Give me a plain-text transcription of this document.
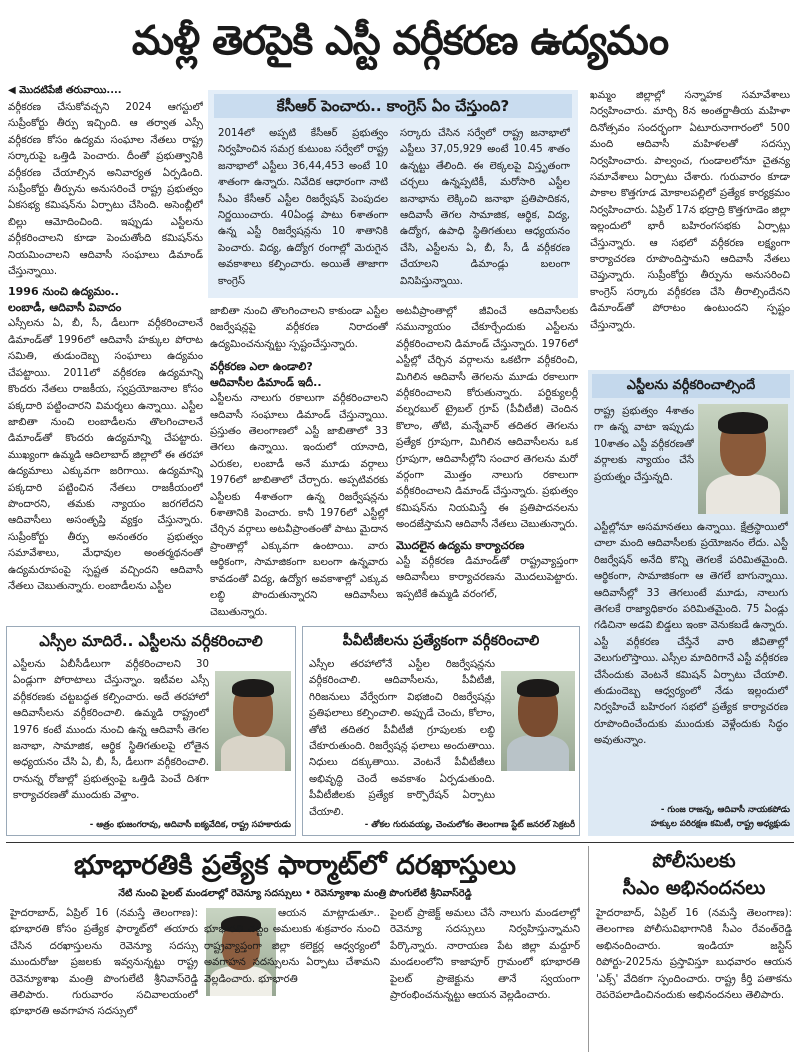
మళ్లీ తెరపైకి ఎస్టీ వర్గీకరణ ఉద్యమం
◀ మొదటిపేజీ తరువాయి....
వర్గీకరణ చేసుకోవచ్చని 2024 ఆగస్టులో సుప్రీంకోర్టు తీర్పు ఇచ్చింది. ఆ తర్వాత ఎస్సీ వర్గీకరణ కోసం ఉద్యమ సంఘాల నేతలు రాష్ట్ర సర్కారుపై ఒత్తిడి పెంచారు. దీంతో ప్రభుత్వానికి వర్గీకరణ చేయాల్సిన అనివార్యత ఏర్పడింది. సుప్రీంకోర్టు తీర్పును అనుసరించే రాష్ట్ర ప్రభుత్వం ఏకసభ్య కమిషన్‌ను ఏర్పాటు చేసింది. అసెంబ్లీలో బిల్లు ఆమోదించింది. ఇప్పుడు ఎస్టీలను వర్గీకరించాలని కూడా పెంచుతోంది కమిషన్‌ను నియమించాలని ఆదివాసీ సంఘాలు డిమాండ్ చేస్తున్నాయి.
1996 నుంచి ఉద్యమం..
లంబాడీ, ఆదివాసీ వివాదం
ఎస్సీలను ఏ, బీ, సీ, డీలుగా వర్గీకరించాలనే డిమాండ్‌తో 1996లో ఆదివాసీ హక్కుల పోరాట సమితి, తుడుందెబ్బ సంఘాలు ఉద్యమం చేపట్టాయి. 2011లో వర్గీకరణ ఉద్యమాన్ని కొందరు నేతలు రాజకీయ, స్వప్రయోజనాల కోసం పక్కదారి పట్టించారని విమర్శలు ఉన్నాయి. ఎస్టీల జాబితా నుంచి లంబాడీలను తొలగించాలనే డిమాండ్‌తో కొందరు ఉద్యమాన్ని చేపట్టారు. ముఖ్యంగా ఉమ్మడి ఆదిలాబాద్ జిల్లాలో ఈ తరహా ఉద్యమాలు ఎక్కువగా జరిగాయి. ఉద్యమాన్ని పక్కదారి పట్టించిన నేతలు రాజకీయంలో పొందారని, తమకు న్యాయం జరగలేదని ఆదివాసీలు అసంతృప్తి వ్యక్తం చేస్తున్నారు. సుప్రీంకోర్టు తీర్పు అనంతరం ప్రభుత్వం సమావేశాలు, మేధావుల అంతర్మథనంతో ఉద్యమరూపంపై స్పష్టత వచ్చిందని ఆదివాసీ నేతలు చెబుతున్నారు. లంబాడీలను ఎస్టీల
కేసీఆర్ పెంచారు.. కాంగ్రెస్ ఏం చేస్తుంది?
2014లో అప్పటి కేసీఆర్ ప్రభుత్వం నిర్వహించిన సమగ్ర కుటుంబ సర్వేలో రాష్ట్ర జనాభాలో ఎస్టీలు 36,44,453 అంటే 10 శాతంగా ఉన్నారు. నివేదిక ఆధారంగా నాటి సీఎం కేసీఆర్ ఎస్టీల రిజర్వేషన్ పెంపుదల నిర్ణయించారు. 40ఏండ్ల పాటు 6శాతంగా ఉన్న ఎస్టీ రిజర్వేషన్లను 10 శాతానికి పెంచారు. విద్య, ఉద్యోగ రంగాల్లో మెరుగైన అవకాశాలు కల్పించారు. అయితే తాజాగా కాంగ్రెస్
సర్కారు చేసిన సర్వేలో రాష్ట్ర జనాభాలో ఎస్టీలు 37,05,929 అంటే 10.45 శాతం ఉన్నట్టు తేలింది. ఈ లెక్కలపై విస్తృతంగా చర్చలు ఉన్నప్పటికీ, మరోసారి ఎస్టీల జనాభాను లెక్కించి జనాభా ప్రతిపాదికన, ఆదివాసీ తెగల సామాజిక, ఆర్థిక, విద్య, ఉద్యోగ, ఉపాధి స్థితిగతులు ఆధ్యయనం చేసి, ఎస్టీలను ఏ, బీ, సీ, డీ వర్గీకరణ చేయాలని డిమాండ్లు బలంగా వినిపిస్తున్నాయి.
జాబితా నుంచి తొలగించాలని కాకుండా ఎస్టీల రిజర్వేషన్లపై వర్గీకరణ నిరాదంతో ఉద్యమించనున్నట్టు స్పష్టంచేస్తున్నారు.
వర్గీకరణ ఎలా ఉండాలి?
ఆదివాసీల డిమాండ్ ఇదీ..
ఎస్టీలను నాలుగు రకాలుగా వర్గీకరించాలని ఆదివాసీ సంఘాలు డిమాండ్ చేస్తున్నాయి. ప్రస్తుతం తెలంగాణలో ఎస్టీ జాబితాలో 33 తెగలు ఉన్నాయి. ఇందులో యానాది, ఎరుకల, లంబాడీ అనే మూడు వర్గాలు 1976లో జాబితాలో చేర్చారు. అప్పటివరకు ఎస్టీలకు 4శాతంగా ఉన్న రిజర్వేషన్లను 6శాతానికి పెంచారు. కానీ 1976లో ఎస్టీల్లో చేర్చిన వర్గాలు అటవీప్రాంతంతో పాటు మైదాన ప్రాంతాల్లో ఎక్కువగా ఉంటాయి. వారు ఆర్థికంగా, సామాజికంగా బలంగా ఉన్నవారు కావడంతో విద్య, ఉద్యోగ అవకాశాల్లో ఎక్కువ లబ్ధి పొందుతున్నారని ఆదివాసీలు చెబుతున్నారు.
అటవీప్రాంతాల్లో జీవించే ఆదివాసీలకు సమున్యాయం చేకూర్చేందుకు ఎస్టీలను వర్గీకరించాలని డిమాండ్ చేస్తున్నారు. 1976లో ఎస్టీల్లో చేర్చిన వర్గాలను ఒకటిగా వర్గీకరించి, మిగిలిన ఆదివాసీ తెగలను మూడు రకాలుగా వర్గీకరించాలని కోరుతున్నారు. పర్టిక్యులర్లీ వల్నరబుల్ ట్రైబల్ గ్రూప్ (పీవీటీజీ) చెందిన కొలాం, తోటి, మన్నేవార్ తదితర తెగలను ప్రత్యేక గ్రూపుగా, మిగిలిన ఆదివాసీలను ఒక గ్రూపుగా, ఆదివాసీల్లోని సంచార తెగలను మరో వర్గంగా మొత్తం నాలుగు రకాలుగా వర్గీకరించాలని డిమాండ్ చేస్తున్నారు. ప్రభుత్వం కమిషన్‌ను నియమిస్తే ఈ ప్రతిపాదనలను అందజేస్తామని ఆదివాసీ నేతలు చెబుతున్నారు.
మొదలైన ఉద్యమ కార్యాచరణ
ఎస్టీ వర్గీకరణ డిమాండ్‌తో రాష్ట్రవ్యాప్తంగా ఆదివాసీలు కార్యాచరణను మొదలుపెట్టారు. ఇప్పటికే ఉమ్మడి వరంగల్,
ఖమ్మం జిల్లాల్లో సన్నాహక సమావేశాలు నిర్వహించారు. మార్చి 8న అంతర్జాతీయ మహిళా దినోత్సవం సందర్భంగా ఏటూరునాగారంలో 500 మంది ఆదివాసీ మహిళలతో సదస్సు నిర్వహించారు. పాల్వంచ, గుండాలలోనూ చైతన్య సమావేశాలు ఏర్పాటు చేశారు. గురువారం కూడా పాకాల కొత్తగూడ మోకాలపల్లిలో ప్రత్యేక కార్యక్రమం నిర్వహించారు. ఏప్రిల్ 17న భద్రాద్రి కొత్తగూడెం జిల్లా ఇల్లందులో భారీ బహిరంగసభకు ఏర్పాట్లు చేస్తున్నారు. ఆ సభలో వర్గీకరణ లక్ష్యంగా కార్యాచరణ రూపొందిస్తామని ఆదివాసీ నేతలు చెప్తున్నారు. సుప్రీంకోర్టు తీర్పును అనుసరించి కాంగ్రెస్ సర్కారు వర్గీకరణ చేసి తీరాల్సిందేనని డిమాండ్‌తో పోరాటం ఉంటుందని స్పష్టం చేస్తున్నారు.
ఎస్టీలను వర్గీకరించాల్సిందే
రాష్ట్ర ప్రభుత్వం 4శాతం గా ఉన్న వాటా ఇప్పుడు 10శాతం ఎస్టీ వర్గీకరణతో వర్గాలకు న్యాయం చేసే ప్రయత్నం చేస్తున్నది.
ఎస్టీల్లోనూ అసమానతలు ఉన్నాయి. క్షేత్రస్థాయిలో చాలా మంది ఆదివాసీలకు ప్రయోజనం లేదు. ఎస్టీ రిజర్వేషన్ అనేది కొన్ని తెగలకే పరిమితమైంది. ఆర్థికంగా, సామాజికంగా ఆ తెగలే బాగున్నాయి. ఆదివాసీల్లో 33 తెగలుంటే మూడు, నాలుగు తెగలకే రాజ్యాధికారం పరిమితమైంది. 75 ఏండ్లు గడిచినా అడవి బిడ్డలు ఇంకా వెనుకబడే ఉన్నారు. ఎస్టీ వర్గీకరణ చేస్తేనే వారి జీవితాల్లో వెలుగులొస్తాయి. ఎస్సీల మాదిరిగానే ఎస్టీ వర్గీకరణ చేసేందుకు వెంటనే కమిషన్ ఏర్పాటు చేయాలి. తుడుందెబ్బ ఆధ్వర్యంలో నేడు ఇల్లందులో నిర్వహించే బహిరంగ సభలో ప్రత్యేక కార్యాచరణ రూపొందించేందుకు ముందుకు వెళ్లేందుకు సిద్ధం అవుతున్నాం.
- గుంజ రాజన్న, ఆదివాసీ నాయకపోడు
హక్కుల పరిరక్షణ కమిటీ, రాష్ట్ర అధ్యక్షుడు
ఎస్సీల మాదిరే.. ఎస్టీలను వర్గీకరించాలి
ఎస్టీలను ఏబీసీడీలుగా వర్గీకరించాలని 30 ఏండ్లుగా పోరాటాలు చేస్తున్నాం. ఇటీవల ఎస్సీ వర్గీకరణకు చట్టబద్ధత కల్పించారు. అదే తరహాలో ఆదివాసీలను వర్గీకరించాలి. ఉమ్మడి రాష్ట్రంలో 1976 కంటే ముందు నుంచి ఉన్న ఆదివాసీ తెగల జనాభా, సామాజిక, ఆర్థిక స్థితిగతులపై లోతైన అధ్యయనం చేసి ఏ, బీ, సీ, డీలుగా వర్గీకరించాలి. రానున్న రోజుల్లో ప్రభుత్వంపై ఒత్తిడి పెంచే దిశగా కార్యాచరణతో ముందుకు వెళ్తాం.
- ఆత్రం భుజంగరావు, ఆదివాసీ ఐక్యవేదిక, రాష్ట్ర సహకారుడు
పీవీటీజీలను ప్రత్యేకంగా వర్గీకరించాలి
ఎస్సీల తరహాలోనే ఎస్టీల రిజర్వేషన్లను వర్గీకరించాలి. ఆదివాసీలను, పీవీటీజీ, గిరిజనులు వేర్వేరుగా విభజించి రిజర్వేషన్లు ప్రతిఫలాలు కల్పించాలి. అప్పుడే చెంచు, కోలాం, తోటి తదితర పీవీటీజీ గ్రూపులకు లబ్ధి చేకూరుతుంది. రిజర్వేషన్ల ఫలాలు అందుతాయి. నిధులు దక్కుతాయి. వెంటనే పీవీటీజీలు అభివృద్ధి చెందే అవకాశం ఏర్పడుతుంది. పీవీటీజీలకు ప్రత్యేక కార్పొరేషన్ ఏర్పాటు చేయాలి.
- తోకల గురువయ్య, చెంచులోకం తెలంగాణ స్టేట్ జనరల్ సెక్రటరీ
భూభారతికి ప్రత్యేక ఫార్మాట్‌లో దరఖాస్తులు
నేటి నుంచి పైలట్ మండలాల్లో రెవెన్యూ సదస్సులు • రెవెన్యూశాఖ మంత్రి పొంగులేటి శ్రీనివాస్‌రెడ్డి
హైదరాబాద్, ఏప్రిల్ 16 (నమస్తే తెలంగాణ): భూభారతి కోసం ప్రత్యేక ఫార్మాట్‌లో తయారు చేసిన దరఖాస్తులను రెవెన్యూ సదస్సు ముందురోజు ప్రజలకు ఇవ్వనున్నట్టు రాష్ట్ర రెవెన్యూశాఖ మంత్రి పొంగులేటి శ్రీనివాస్‌రెడ్డి తెలిపారు. గురువారం సచివాలయంలో భూభారతి అవగాహన సదస్సులో
ఆయన మాట్లాడుతూ.. భూభారతి చట్టం అమలుకు శుక్రవారం నుంచి రాష్ట్రవ్యాప్తంగా జిల్లా కలెక్టర్ల ఆధ్వర్యంలో అవగాహన సదస్సులను ఏర్పాటు చేశామని వెల్లడించారు. భూభారతి
పైలట్ ప్రాజెక్ట్ అమలు చేసే నాలుగు మండలాల్లో రెవెన్యూ సదస్సులు నిర్వహిస్తున్నామని పేర్కొన్నారు. నారాయణ పేట జిల్లా మద్దూర్ మండలంలోని కాజాపూర్ గ్రామంలో భూభారతి పైలట్ ప్రాజెక్టును తానే స్వయంగా ప్రారంభించనున్నట్టు ఆయన వెల్లడించారు.
పోలీసులకు
సీఎం అభినందనలు
హైదరాబాద్, ఏప్రిల్ 16 (నమస్తే తెలంగాణ): తెలంగాణ పోలీసువిభాగానికి సీఎం రేవంత్‌రెడ్డి అభినందించారు. ఇండియా జస్టిస్ రిపోర్టు-2025ను ప్రస్తావిస్తూ బుధవారం ఆయన 'ఎక్స్' వేదికగా స్పందించారు. రాష్ట్ర కీర్తి పతాకను రెపరెపలాడించినందుకు అభినందనలు తెలిపారు.
